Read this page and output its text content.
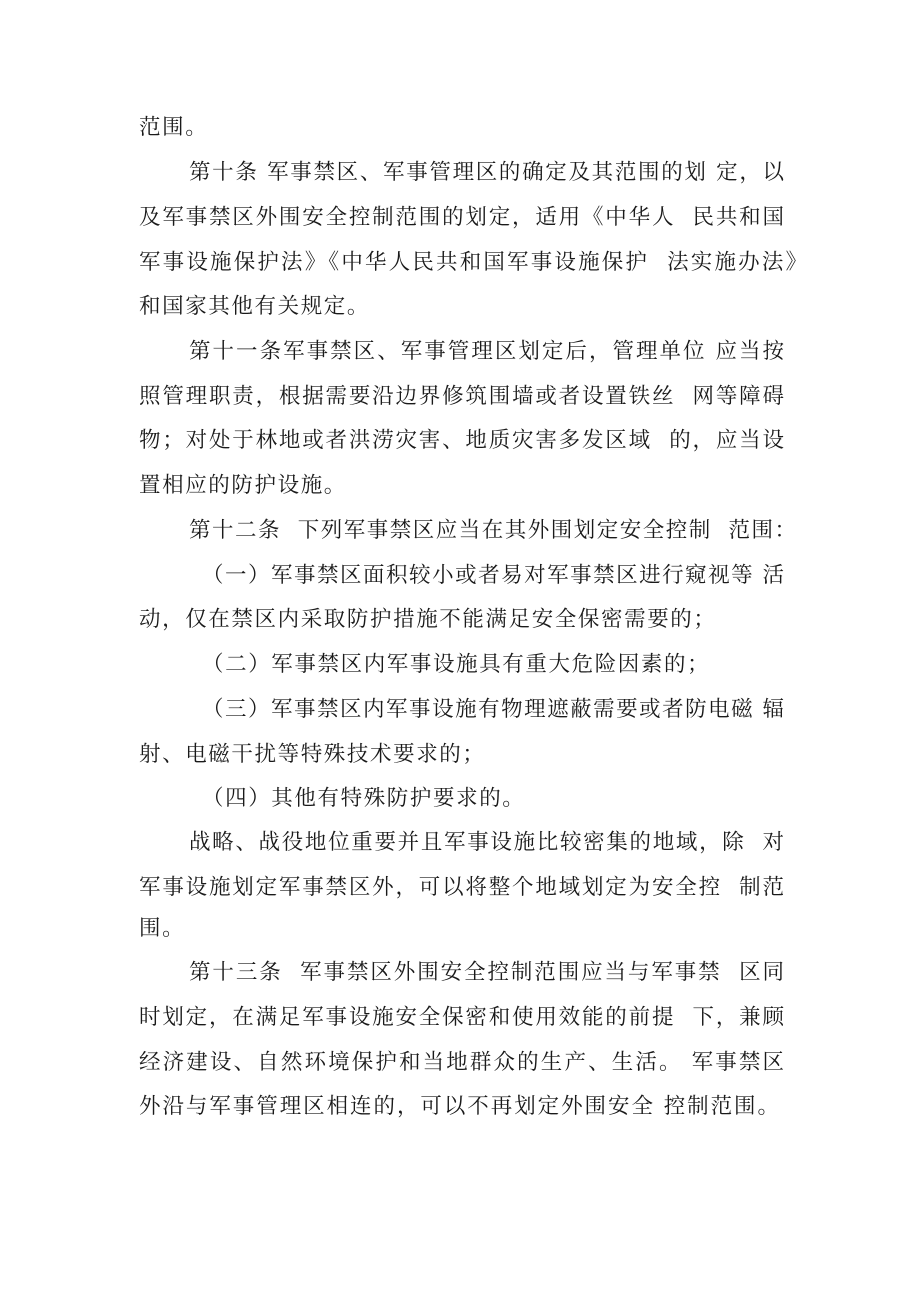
范围。
第十条 军事禁区、军事管理区的确定及其范围的划 定，以
及军事禁区外围安全控制范围的划定，适用《中华人  民共和国
军事设施保护法》《中华人民共和国军事设施保护  法实施办法》
和国家其他有关规定。
第十一条军事禁区、军事管理区划定后，管理单位 应当按
照管理职责，根据需要沿边界修筑围墙或者设置铁丝  网等障碍
物；对处于林地或者洪涝灾害、地质灾害多发区域  的，应当设
置相应的防护设施。
第十二条  下列军事禁区应当在其外围划定安全控制  范围：
（一）军事禁区面积较小或者易对军事禁区进行窥视等 活
动，仅在禁区内采取防护措施不能满足安全保密需要的；
（二）军事禁区内军事设施具有重大危险因素的；
（三）军事禁区内军事设施有物理遮蔽需要或者防电磁 辐
射、电磁干扰等特殊技术要求的；
（四）其他有特殊防护要求的。
战略、战役地位重要并且军事设施比较密集的地域，除  对
军事设施划定军事禁区外，可以将整个地域划定为安全控  制范
围。
第十三条  军事禁区外围安全控制范围应当与军事禁  区同
时划定，在满足军事设施安全保密和使用效能的前提  下，兼顾
经济建设、自然环境保护和当地群众的生产、生活。 军事禁区
外沿与军事管理区相连的，可以不再划定外围安全 控制范围。
